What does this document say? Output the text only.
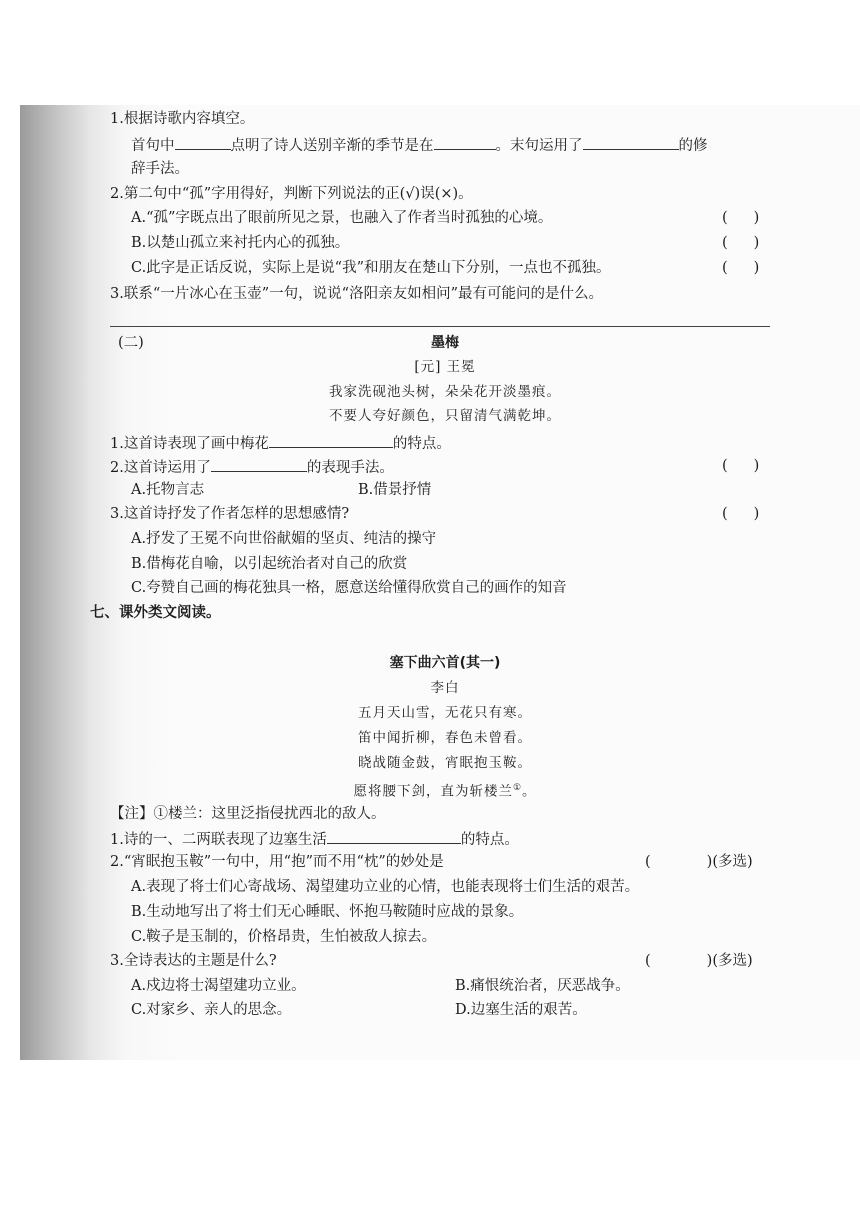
1.根据诗歌内容填空。
首句中	点明了诗人送别辛渐的季节是在	。末句运用了	的修
辞手法。
2.第二句中“孤”字用得好，判断下列说法的正(√)误(×)。
A.“孤”字既点出了眼前所见之景，也融入了作者当时孤独的心境。	( )
B.以楚山孤立来衬托内心的孤独。	( )
C.此字是正话反说，实际上是说“我”和朋友在楚山下分别，一点也不孤独。	( )
3.联系“一片冰心在玉壶”一句，说说“洛阳亲友如相问”最有可能问的是什么。
(二)	墨梅
[元] 王冕
我家洗砚池头树，朵朵花开淡墨痕。
不要人夸好颜色，只留清气满乾坤。
1.这首诗表现了画中梅花	的特点。
2.这首诗运用了	的表现手法。	( )
A.托物言志	B.借景抒情
3.这首诗抒发了作者怎样的思想感情?	( )
A.抒发了王冕不向世俗献媚的坚贞、纯洁的操守
B.借梅花自喻，以引起统治者对自己的欣赏
C.夸赞自己画的梅花独具一格，愿意送给懂得欣赏自己的画作的知音
七、课外类文阅读。
塞下曲六首(其一)
李白
五月天山雪，无花只有寒。
笛中闻折柳，春色未曾看。
晓战随金鼓，宵眠抱玉鞍。
愿将腰下剑，直为斩楼兰①。
【注】①楼兰：这里泛指侵扰西北的敌人。
1.诗的一、二两联表现了边塞生活	的特点。
2.“宵眠抱玉鞍”一句中，用“抱”而不用“枕”的妙处是	(	)(多选)
A.表现了将士们心寄战场、渴望建功立业的心情，也能表现将士们生活的艰苦。
B.生动地写出了将士们无心睡眠、怀抱马鞍随时应战的景象。
C.鞍子是玉制的，价格昂贵，生怕被敌人掠去。
3.全诗表达的主题是什么?	(	)(多选)
A.戍边将士渴望建功立业。	B.痛恨统治者，厌恶战争。
C.对家乡、亲人的思念。	D.边塞生活的艰苦。
